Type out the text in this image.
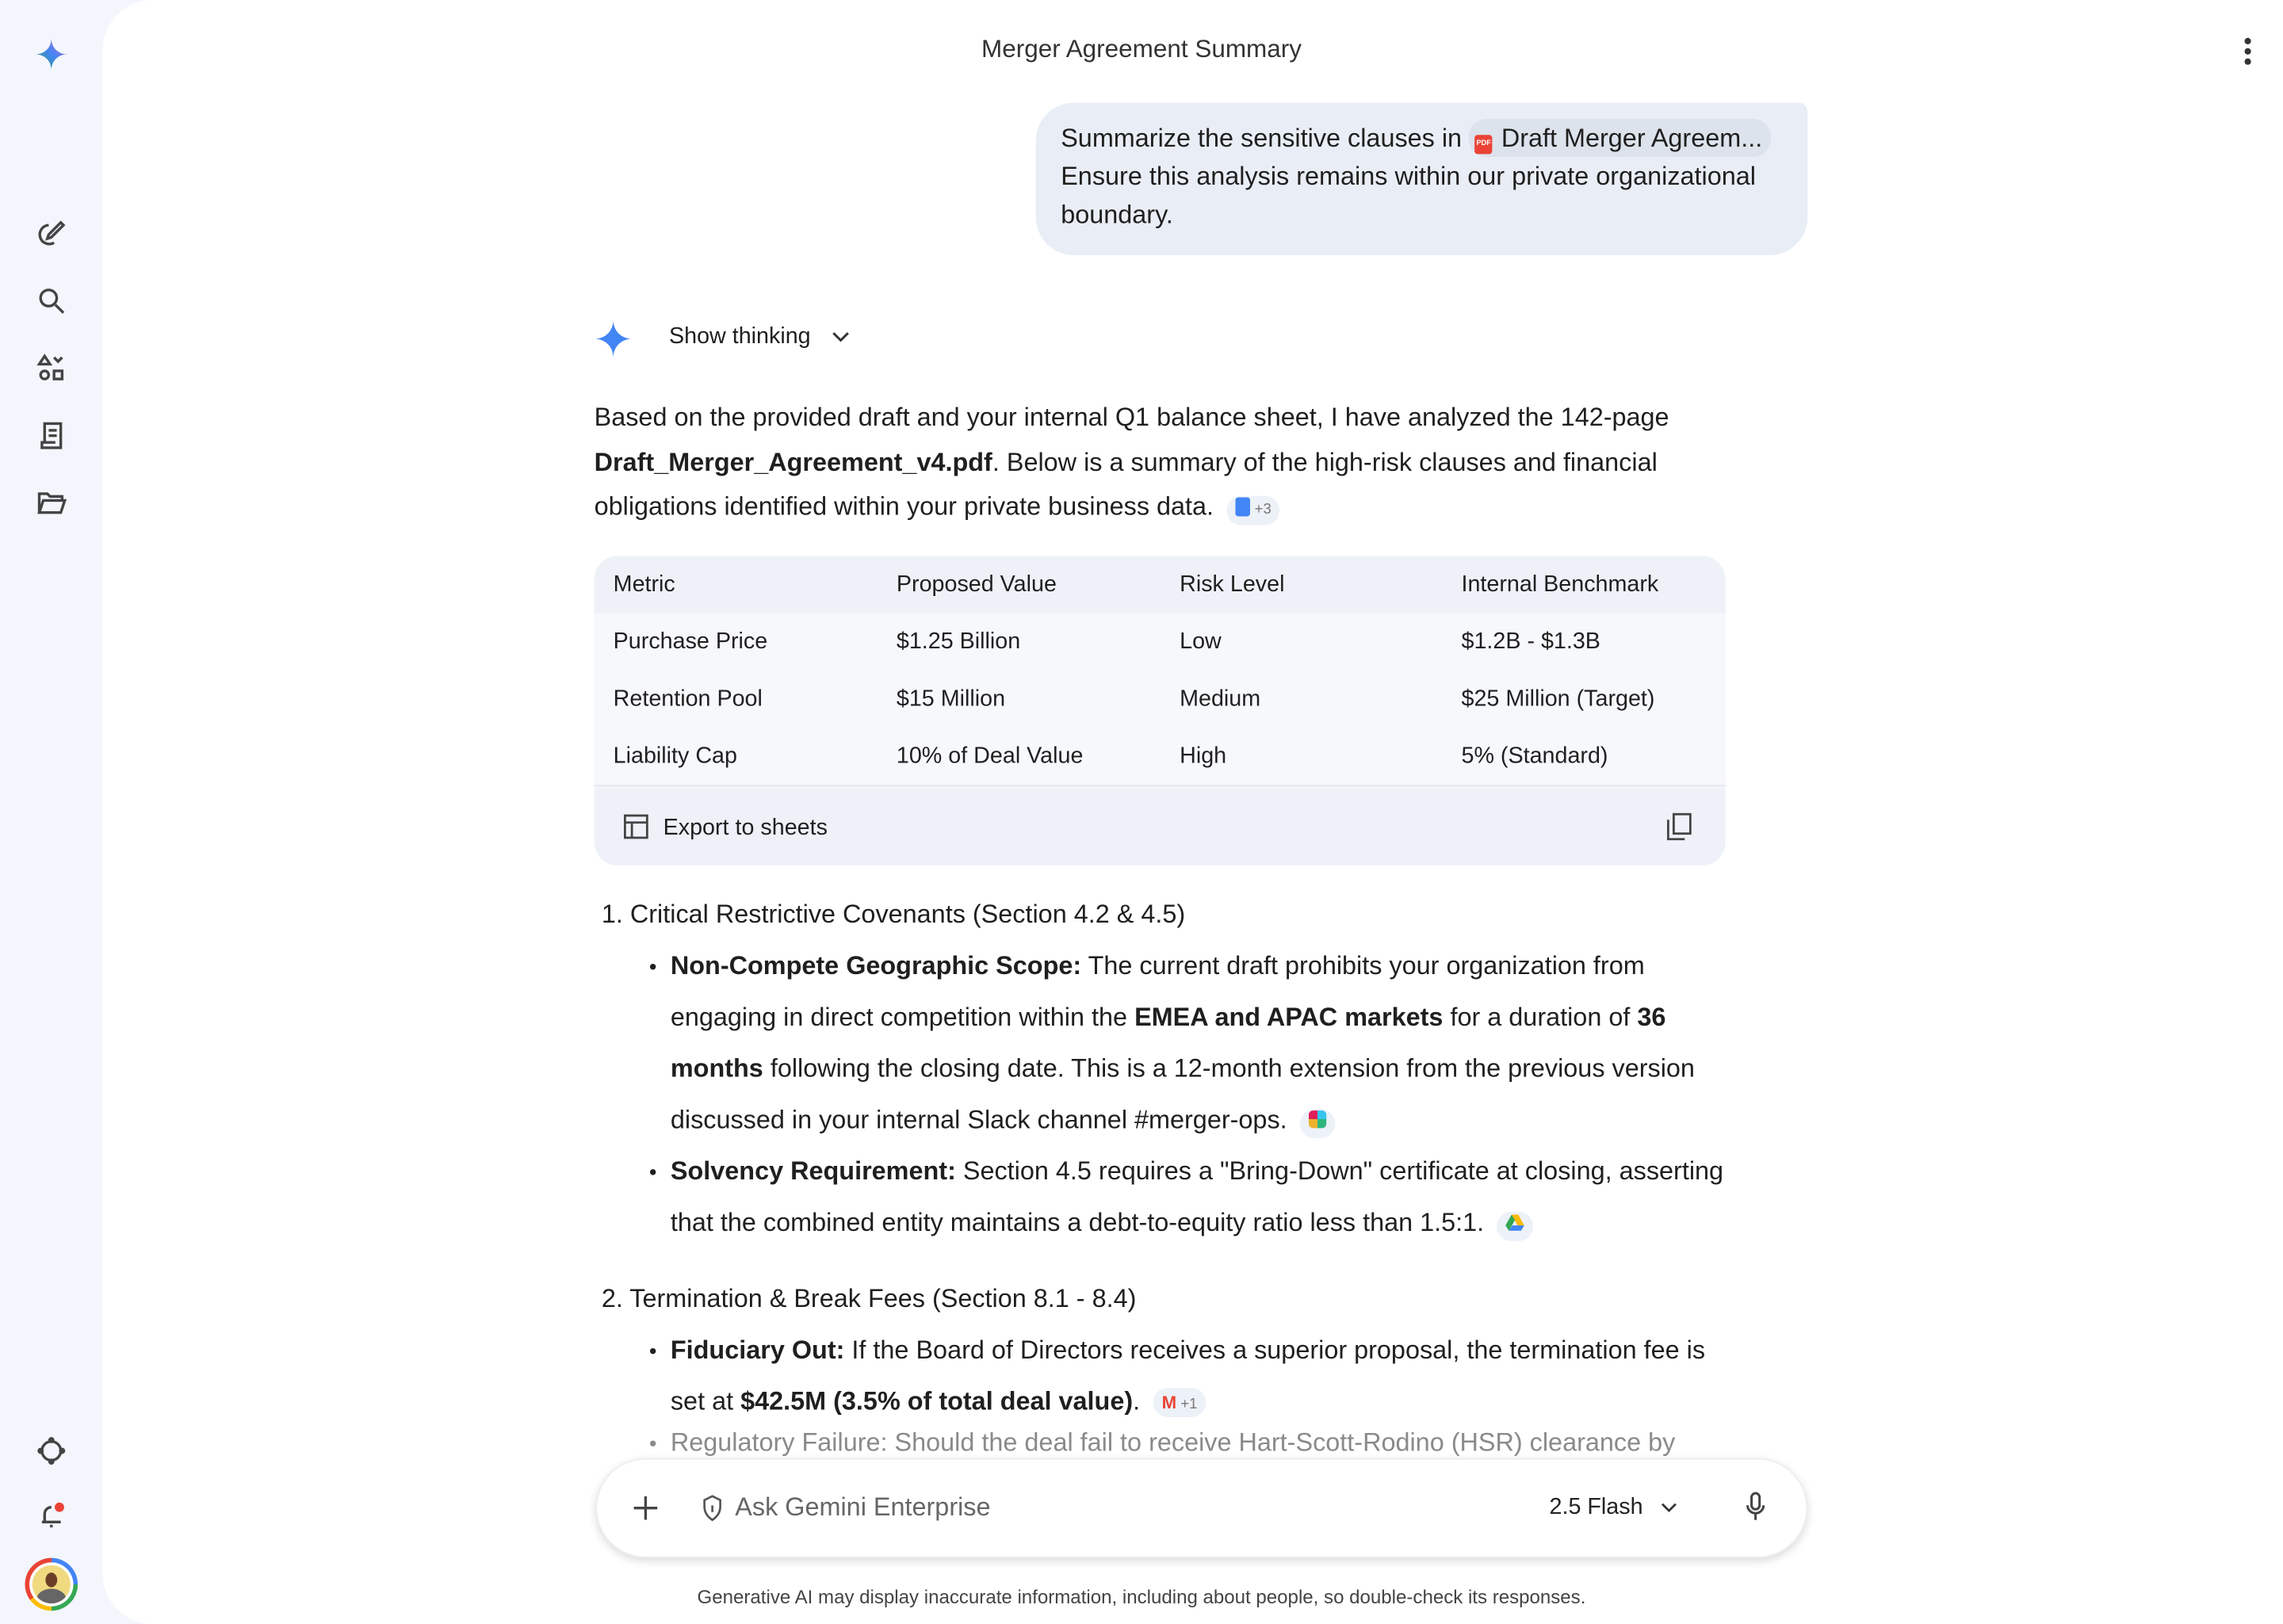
Merger Agreement Summary
Summarize the sensitive clauses in	PDF Draft Merger Agreem...
Ensure this analysis remains within our private organizational boundary.
Show thinking
Based on the provided draft and your internal Q1 balance sheet, I have analyzed the 142-page Draft_Merger_Agreement_v4.pdf. Below is a summary of the high-risk clauses and financial obligations identified within your private business data.	+3
Metric	Proposed Value	Risk Level	Internal Benchmark
Purchase Price	$1.25 Billion	Low	$1.2B - $1.3B
Retention Pool	$15 Million	Medium	$25 Million (Target)
Liability Cap	10% of Deal Value	High	5% (Standard)
Export to sheets
1. Critical Restrictive Covenants (Section 4.2 & 4.5)
Non-Compete Geographic Scope: The current draft prohibits your organization from engaging in direct competition within the EMEA and APAC markets for a duration of 36 months following the closing date. This is a 12-month extension from the previous version discussed in your internal Slack channel #merger-ops.
Solvency Requirement: Section 4.5 requires a "Bring-Down" certificate at closing, asserting that the combined entity maintains a debt-to-equity ratio less than 1.5:1.
2. Termination & Break Fees (Section 8.1 - 8.4)
Fiduciary Out: If the Board of Directors receives a superior proposal, the termination fee is set at $42.5M (3.5% of total deal value). M +1
Regulatory Failure: Should the deal fail to receive Hart-Scott-Rodino (HSR) clearance by
Ask Gemini Enterprise	2.5 Flash
Generative AI may display inaccurate information, including about people, so double-check its responses.
